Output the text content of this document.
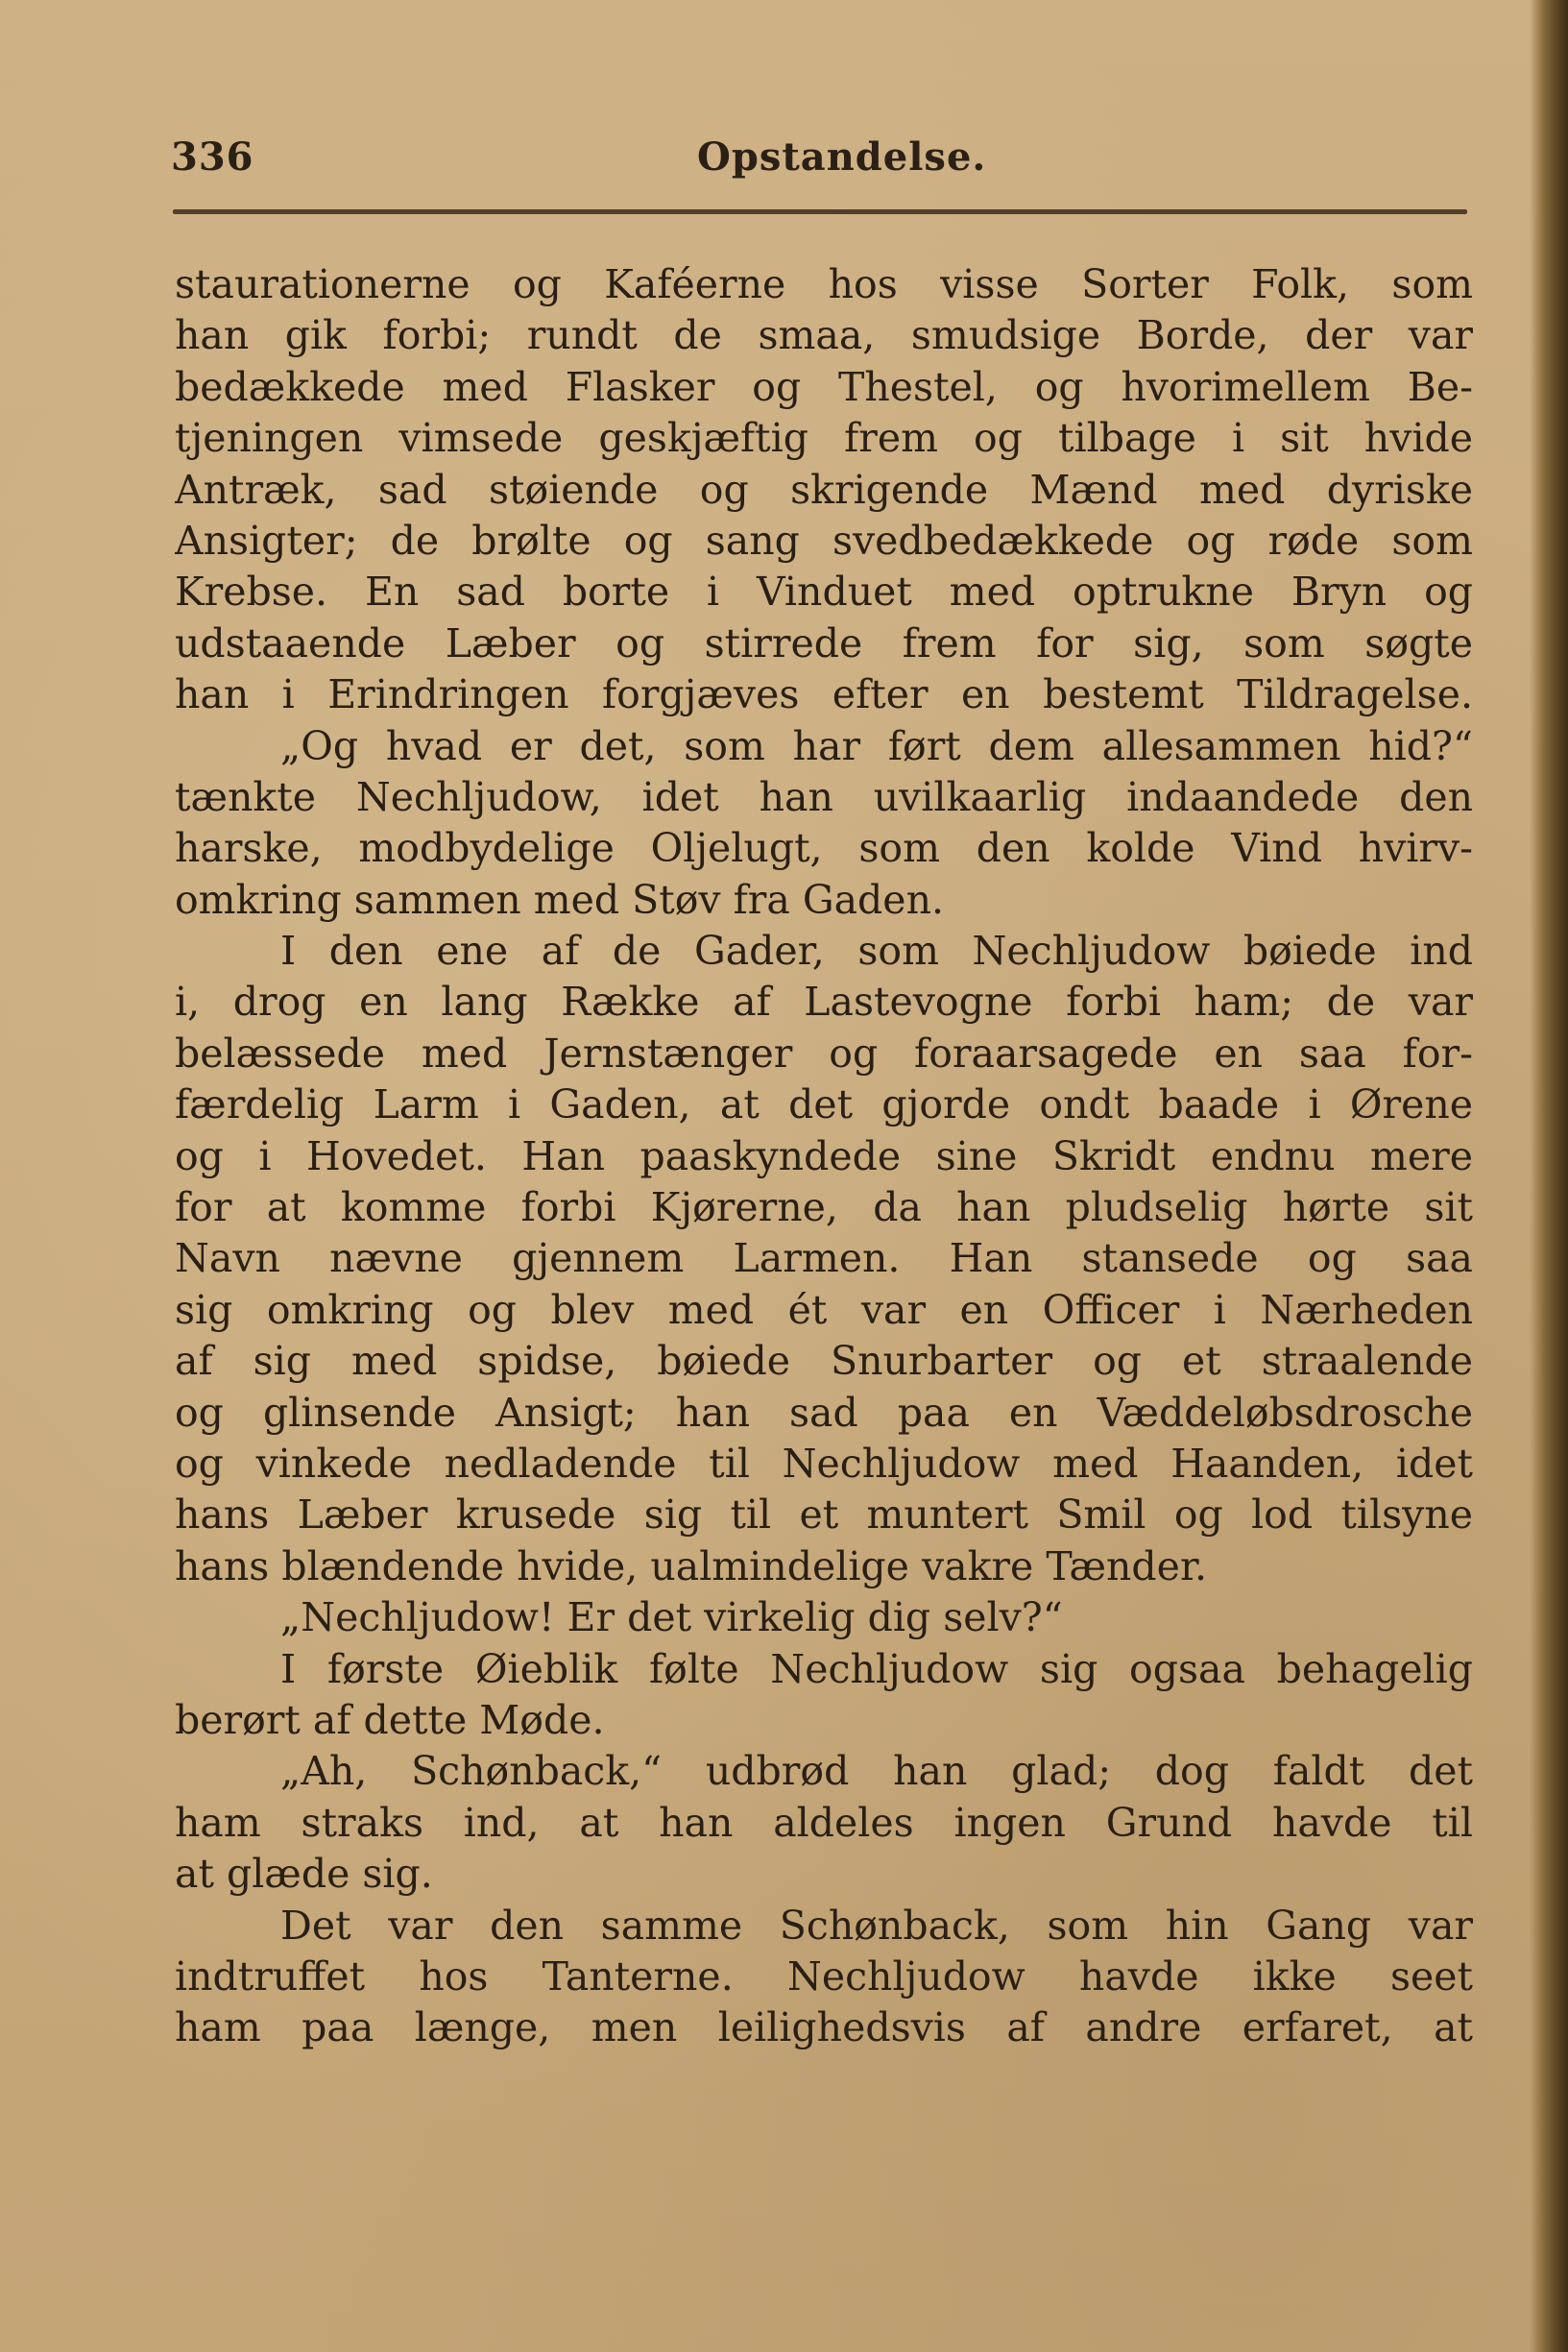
336	Opstandelse.
staurationerne og Kaféerne hos visse Sorter Folk, som
han gik forbi; rundt de smaa, smudsige Borde, der var
bedækkede med Flasker og Thestel, og hvorimellem Be-
tjeningen vimsede geskjæftig frem og tilbage i sit hvide
Antræk, sad støiende og skrigende Mænd med dyriske
Ansigter; de brølte og sang svedbedækkede og røde som
Krebse. En sad borte i Vinduet med optrukne Bryn og
udstaaende Læber og stirrede frem for sig, som søgte
han i Erindringen forgjæves efter en bestemt Tildragelse.
„Og hvad er det, som har ført dem allesammen hid?“
tænkte Nechljudow, idet han uvilkaarlig indaandede den
harske, modbydelige Oljelugt, som den kolde Vind hvirv-
omkring sammen med Støv fra Gaden.
I den ene af de Gader, som Nechljudow bøiede ind
i, drog en lang Række af Lastevogne forbi ham; de var
belæssede med Jernstænger og foraarsagede en saa for-
færdelig Larm i Gaden, at det gjorde ondt baade i Ørene
og i Hovedet. Han paaskyndede sine Skridt endnu mere
for at komme forbi Kjørerne, da han pludselig hørte sit
Navn nævne gjennem Larmen. Han stansede og saa
sig omkring og blev med ét var en Officer i Nærheden
af sig med spidse, bøiede Snurbarter og et straalende
og glinsende Ansigt; han sad paa en Væddeløbsdrosche
og vinkede nedladende til Nechljudow med Haanden, idet
hans Læber krusede sig til et muntert Smil og lod tilsyne
hans blændende hvide, ualmindelige vakre Tænder.
„Nechljudow! Er det virkelig dig selv?“
I første Øieblik følte Nechljudow sig ogsaa behagelig
berørt af dette Møde.
„Ah, Schønback,“ udbrød han glad; dog faldt det
ham straks ind, at han aldeles ingen Grund havde til
at glæde sig.
Det var den samme Schønback, som hin Gang var
indtruffet hos Tanterne. Nechljudow havde ikke seet
ham paa længe, men leilighedsvis af andre erfaret, at
